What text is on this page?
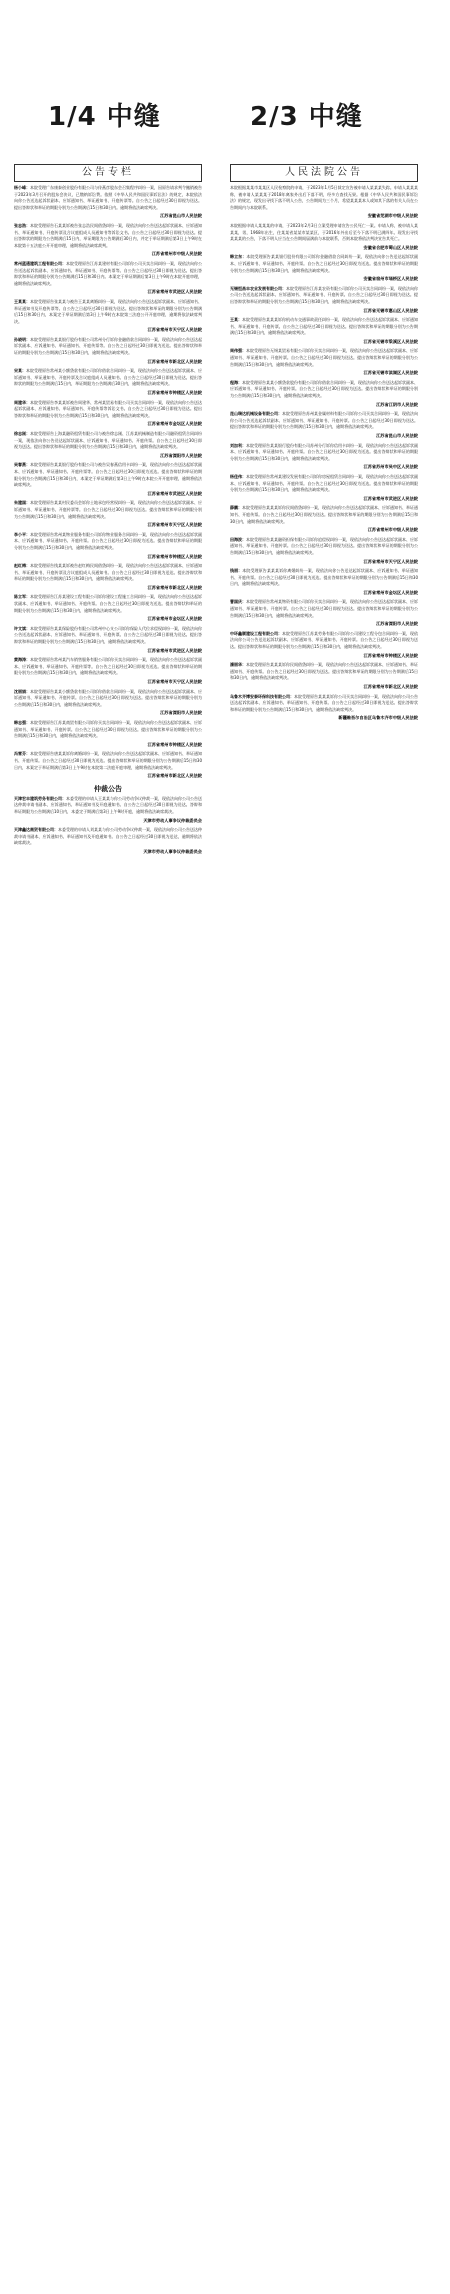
1/4 中缝	2/3 中缝
公告专栏

杨小峰：本院受理广东康泰创业股份有限公司与佟燕彦股东会召集程序纠纷一案，因原告请求判令撤销被告于2023年3月召开的股东会决议，已缴纳诉讼费。依照《中华人民共和国民事诉讼法》的规定，本院依法向你公告送达起诉状副本、应诉通知书、举证通知书、开庭传票等。自公告之日起经过30日即视为送达。提出答辩状和举证的期限分别为公告期满后15日和30日内。逾期将依法缺席判决。

江苏省昆山市人民法院

张志浩：本院受理原告石某某诉被告张志浩民间借贷纠纷一案，现依法向你公告送达起诉状副本、应诉通知书、举证通知书、开庭传票及合议庭组成人员通知书等诉讼文书。自公告之日起经过30日即视为送达。提出答辩状的期限为公告期满后15日内，举证期限为公告期满后30日内，并定于举证期满后第3日上午9时在本院第十五法庭公开开庭审理，逾期将依法缺席裁判。

江苏省常州市中级人民法院

常州蓝通建筑工程有限公司：本院受理原告江苏某建材有限公司诉你公司买卖合同纠纷一案，现依法向你公告送达起诉状副本、应诉通知书、举证通知书、开庭传票等。自公告之日起经过30日即视为送达。提出答辩状和举证的期限分别为公告期满后15日和30日内。本案定于举证期满后第3日上午9时在本院开庭审理，逾期将依法缺席判决。

江苏省常州市武进区人民法院

王某某：本院受理原告张某某与被告王某某离婚纠纷一案，现依法向你公告送达起诉状副本、应诉通知书、举证通知书及开庭传票等。自公告之日起经过30日即视为送达。提出答辩状和举证的期限分别为公告期满后15日和30日内，本案定于举证期满后第3日上午9时在本院第三法庭公开开庭审理，逾期将依法缺席判决。

江苏省常州市天宁区人民法院

孙晓明：本院受理原告某某银行股份有限公司常州分行诉你金融借款合同纠纷一案，现依法向你公告送达起诉状副本、应诉通知书、举证通知书、开庭传票等。自公告之日起经过30日即视为送达。提出答辩状和举证的期限分别为公告期满后15日和30日内，逾期将依法缺席判决。

江苏省常州市新北区人民法院

宋某：本院受理原告常州某小额贷款有限公司诉你借款合同纠纷一案，现依法向你公告送达起诉状副本、应诉通知书、举证通知书、开庭传票及合议庭组成人员通知书。自公告之日起经过30日即视为送达。提出答辩状的期限为公告期满后15日内，举证期限为公告期满后30日内，逾期将依法缺席判决。

江苏省常州市钟楼区人民法院

周建华：本院受理原告李某某诉被告周建华、常州某贸易有限公司买卖合同纠纷一案，现依法向你公告送达起诉状副本、应诉通知书、举证通知书、开庭传票等诉讼文书。自公告之日起经过30日即视为送达。提出答辩状和举证的期限分别为公告期满后15日和30日内，逾期将依法缺席判决。

江苏省常州市金坛区人民法院

徐志刚：本院受理原告上海某融资租赁有限公司与被告徐志刚、江苏某机械制造有限公司融资租赁合同纠纷一案，现依法向你公告送达起诉状副本、应诉通知书、举证通知书、开庭传票。自公告之日起经过30日即视为送达。提出答辩状和举证的期限分别为公告期满后15日和30日内，逾期将依法缺席判决。

江苏省溧阳市人民法院

吴春燕：本院受理原告某某银行股份有限公司与被告吴春燕信用卡纠纷一案，现依法向你公告送达起诉状副本、应诉通知书、举证通知书、开庭传票等。自公告之日起经过30日即视为送达。提出答辩状和举证的期限分别为公告期满后15日和30日内，本案定于举证期满后第3日上午9时在本院公开开庭审理，逾期将依法缺席判决。

江苏省常州市武进区人民法院

朱建国：本院受理原告某某村民委员会诉你土地承包经营权纠纷一案，现依法向你公告送达起诉状副本、应诉通知书、举证通知书、开庭传票等。自公告之日起经过30日即视为送达。提出答辩状和举证的期限分别为公告期满后15日和30日内，逾期将依法缺席判决。

江苏省常州市天宁区人民法院

李小平：本院受理原告常州某物业服务有限公司诉你物业服务合同纠纷一案，现依法向你公告送达起诉状副本、应诉通知书、举证通知书、开庭传票。自公告之日起经过30日即视为送达。提出答辩状和举证的期限分别为公告期满后15日和30日内，逾期将依法缺席判决。

江苏省常州市钟楼区人民法院

赵红梅：本院受理原告钱某某诉被告赵红梅民间借贷纠纷一案，现依法向你公告送达起诉状副本、应诉通知书、举证通知书、开庭传票及合议庭组成人员通知书。自公告之日起经过30日即视为送达。提出答辩状和举证的期限分别为公告期满后15日和30日内，逾期将依法缺席判决。

江苏省常州市新北区人民法院

陈立军：本院受理原告江苏某建设工程有限公司诉你建设工程施工合同纠纷一案，现依法向你公告送达起诉状副本、应诉通知书、举证通知书、开庭传票。自公告之日起经过30日即视为送达。提出答辩状和举证的期限分别为公告期满后15日和30日内，逾期将依法缺席判决。

江苏省常州市金坛区人民法院

许文斌：本院受理原告某某保险股份有限公司常州中心支公司诉你保险人代位求偿权纠纷一案，现依法向你公告送达起诉状副本、应诉通知书、举证通知书、开庭传票。自公告之日起经过30日即视为送达。提出答辩状和举证的期限分别为公告期满后15日和30日内，逾期将依法缺席判决。

江苏省常州市武进区人民法院

黄海涛：本院受理原告常州某汽车销售服务有限公司诉你买卖合同纠纷一案，现依法向你公告送达起诉状副本、应诉通知书、举证通知书、开庭传票等。自公告之日起经过30日即视为送达。提出答辩状和举证的期限分别为公告期满后15日和30日内，逾期将依法缺席判决。

江苏省常州市天宁区人民法院

沈丽娟：本院受理原告某某小额贷款有限公司诉你借款合同纠纷一案，现依法向你公告送达起诉状副本、应诉通知书、举证通知书、开庭传票。自公告之日起经过30日即视为送达。提出答辩状和举证的期限分别为公告期满后15日和30日内，逾期将依法缺席判决。

江苏省溧阳市人民法院

韩志强：本院受理原告江苏某商贸有限公司诉你买卖合同纠纷一案，现依法向你公告送达起诉状副本、应诉通知书、举证通知书、开庭传票。自公告之日起经过30日即视为送达。提出答辩状和举证的期限分别为公告期满后15日和30日内，逾期将依法缺席判决。

江苏省常州市钟楼区人民法院

冯雪芬：本院受理原告唐某某诉你离婚纠纷一案，现依法向你公告送达起诉状副本、应诉通知书、举证通知书、开庭传票。自公告之日起经过30日即视为送达。提出答辩状和举证的期限分别为公告期满后15日和30日内，本案定于举证期满后第3日上午9时在本院第二法庭开庭审理，逾期将依法缺席判决。

江苏省常州市新北区人民法院

仲裁公告

天津宏丰建筑劳务有限公司：本委受理的申请人王某某与你公司劳动争议仲裁一案，现依法向你公司公告送达仲裁申请书副本、应诉通知书、举证通知书及开庭通知书。自公告之日起经过30日即视为送达。答辩和举证期限为公告期满后10日内，本委定于期满后第3日上午9时开庭，逾期将依法缺席裁决。

天津市劳动人事争议仲裁委员会

天津鑫达商贸有限公司：本委受理的申请人刘某某与你公司劳动争议仲裁一案，现依法向你公司公告送达仲裁申请书副本、应诉通知书、举证通知书及开庭通知书。自公告之日起经过30日即视为送达，逾期将依法缺席裁决。

天津市劳动人事争议仲裁委员会

人民法院公告

本院根据某某市某某区人民检察院的申请，于2023年1月5日裁定宣告被申请人某某某失踪。申请人某某某称，被申请人某某某于2018年离家外出后下落不明，经多方查找无果。根据《中华人民共和国民事诉讼法》的规定，现发出寻找下落不明人公告，公告期间为三个月，希望某某某本人或知其下落的有关人员在公告期间内与本院联系。

安徽省芜湖市中级人民法院

本院根据申请人某某某的申请，于2023年2月3日立案受理申请宣告公民死亡一案。申请人称，被申请人某某某，男，1968年出生，住某某省某某市某某区，于2016年外出后至今下落不明已满四年。现发出寻找某某某的公告，下落不明人应当在公告期间届满前与本院联系，否则本院将依法判决宣告其死亡。

安徽省合肥市蜀山区人民法院

韩立东：本院受理原告某某银行股份有限公司诉你金融借款合同纠纷一案，现依法向你公告送达起诉状副本、应诉通知书、举证通知书、开庭传票。自公告之日起经过30日即视为送达。提出答辩状和举证的期限分别为公告期满后15日和30日内，逾期将依法缺席判决。

安徽省宿州市埇桥区人民法院

无锡恒昌丰农业发展有限公司：本院受理原告江苏某农资有限公司诉你公司买卖合同纠纷一案，现依法向你公司公告送达起诉状副本、应诉通知书、举证通知书、开庭传票。自公告之日起经过30日即视为送达。提出答辩状和举证的期限分别为公告期满后15日和30日内，逾期将依法缺席判决。

江苏省无锡市惠山区人民法院

王某：本院受理原告某某某诉你机动车交通事故责任纠纷一案，现依法向你公告送达起诉状副本、应诉通知书、举证通知书、开庭传票。自公告之日起经过30日即视为送达。提出答辩状和举证的期限分别为公告期满后15日和30日内，逾期将依法缺席判决。

江苏省无锡市梁溪区人民法院

周伟强：本院受理原告无锡某贸易有限公司诉你买卖合同纠纷一案，现依法向你公告送达起诉状副本、应诉通知书、举证通知书、开庭传票。自公告之日起经过30日即视为送达。提出答辩状和举证的期限分别为公告期满后15日和30日内，逾期将依法缺席判决。

江苏省无锡市滨湖区人民法院

程海：本院受理原告某某小额贷款股份有限公司诉你借款合同纠纷一案，现依法向你公告送达起诉状副本、应诉通知书、举证通知书、开庭传票。自公告之日起经过30日即视为送达。提出答辩状和举证的期限分别为公告期满后15日和30日内，逾期将依法缺席判决。

江苏省江阴市人民法院

昆山瑞达机械设备有限公司：本院受理原告苏州某金属材料有限公司诉你公司买卖合同纠纷一案，现依法向你公司公告送达起诉状副本、应诉通知书、举证通知书、开庭传票。自公告之日起经过30日即视为送达。提出答辩状和举证的期限分别为公告期满后15日和30日内，逾期将依法缺席判决。

江苏省昆山市人民法院

刘加利：本院受理原告某某银行股份有限公司苏州分行诉你信用卡纠纷一案，现依法向你公告送达起诉状副本、应诉通知书、举证通知书、开庭传票。自公告之日起经过30日即视为送达。提出答辩状和举证的期限分别为公告期满后15日和30日内，逾期将依法缺席判决。

江苏省苏州市吴中区人民法院

杨佳伟：本院受理原告常州某建设发展有限公司诉你房屋租赁合同纠纷一案，现依法向你公告送达起诉状副本、应诉通知书、举证通知书、开庭传票。自公告之日起经过30日即视为送达。提出答辩状和举证的期限分别为公告期满后15日和30日内，逾期将依法缺席判决。

江苏省常州市武进区人民法院

薛鹏：本院受理原告某某某诉你民间借贷纠纷一案，现依法向你公告送达起诉状副本、应诉通知书、举证通知书、开庭传票。自公告之日起经过30日即视为送达。提出答辩状和举证的期限分别为公告期满后15日和30日内，逾期将依法缺席判决。

江苏省常州市中级人民法院

田海波：本院受理原告某某融资担保有限公司诉你追偿权纠纷一案，现依法向你公告送达起诉状副本、应诉通知书、举证通知书、开庭传票。自公告之日起经过30日即视为送达。提出答辩状和举证的期限分别为公告期满后15日和30日内，逾期将依法缺席判决。

江苏省常州市天宁区人民法院

钱丽：本院受理原告某某某诉你离婚纠纷一案，现依法向你公告送达起诉状副本、应诉通知书、举证通知书、开庭传票。自公告之日起经过30日即视为送达。提出答辩状和举证的期限分别为公告期满后15日和30日内，逾期将依法缺席判决。

江苏省常州市金坛区人民法院

曹国庆：本院受理原告常州某物资有限公司诉你买卖合同纠纷一案，现依法向你公告送达起诉状副本、应诉通知书、举证通知书、开庭传票。自公告之日起经过30日即视为送达。提出答辩状和举证的期限分别为公告期满后15日和30日内，逾期将依法缺席判决。

江苏省溧阳市人民法院

中环鑫顺建设工程有限公司：本院受理原告江苏某劳务有限公司诉你公司建设工程分包合同纠纷一案，现依法向你公司公告送达起诉状副本、应诉通知书、举证通知书、开庭传票。自公告之日起经过30日即视为送达。提出答辩状和举证的期限分别为公告期满后15日和30日内，逾期将依法缺席判决。

江苏省常州市钟楼区人民法院

潘丽华：本院受理原告某某某诉你民间借贷纠纷一案，现依法向你公告送达起诉状副本、应诉通知书、举证通知书、开庭传票。自公告之日起经过30日即视为送达。提出答辩状和举证的期限分别为公告期满后15日和30日内，逾期将依法缺席判决。

江苏省常州市新北区人民法院

乌鲁木齐博安泰环保科技有限公司：本院受理原告某某某诉你公司买卖合同纠纷一案，现依法向你公司公告送达起诉状副本、应诉通知书、举证通知书、开庭传票。自公告之日起经过30日即视为送达。提出答辩状和举证的期限分别为公告期满后15日和30日内，逾期将依法缺席判决。

新疆维吾尔自治区乌鲁木齐市中级人民法院
